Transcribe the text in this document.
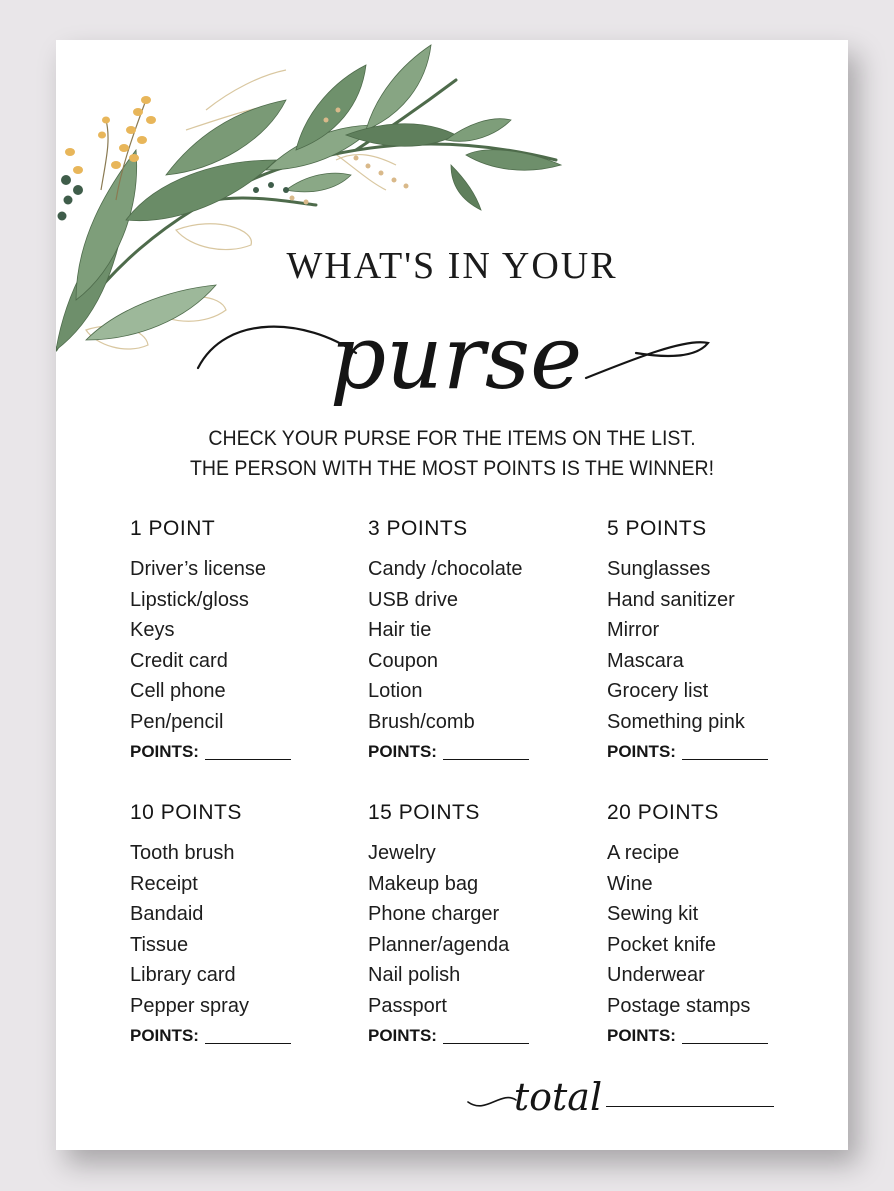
WHAT'S IN YOUR
purse
CHECK YOUR PURSE FOR THE ITEMS ON THE LIST.
THE PERSON WITH THE MOST POINTS IS THE WINNER!
1 POINT
Driver’s license
Lipstick/gloss
Keys
Credit card
Cell phone
Pen/pencil
POINTS:
3 POINTS
Candy /chocolate
USB drive
Hair tie
Coupon
Lotion
Brush/comb
POINTS:
5 POINTS
Sunglasses
Hand sanitizer
Mirror
Mascara
Grocery list
Something pink
POINTS:
10 POINTS
Tooth brush
Receipt
Bandaid
Tissue
Library card
Pepper spray
POINTS:
15 POINTS
Jewelry
Makeup bag
Phone charger
Planner/agenda
Nail polish
Passport
POINTS:
20 POINTS
A recipe
Wine
Sewing kit
Pocket knife
Underwear
Postage stamps
POINTS:
total
